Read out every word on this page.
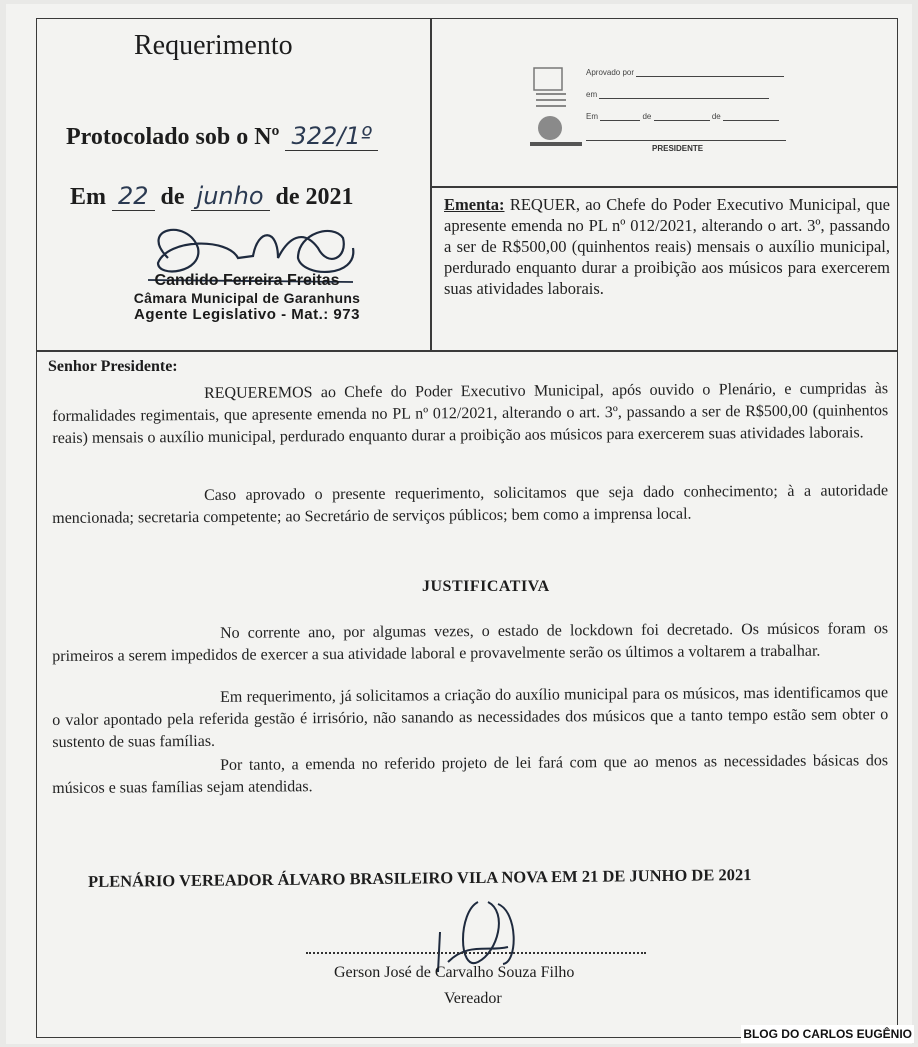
Requerimento
Protocolado sob o Nº 322/1º
Em 22 de junho de 2021
Candido Ferreira Freitas
Câmara Municipal de Garanhuns
Agente Legislativo - Mat.: 973
Aprovado por
em
Em	de	de
PRESIDENTE
Ementa: REQUER, ao Chefe do Poder Executivo Municipal, que apresente emenda no PL nº 012/2021, alterando o art. 3º, passando a ser de R$500,00 (quinhentos reais) mensais o auxílio municipal, perdurado enquanto durar a proibição aos músicos para exercerem suas atividades laborais.
Senhor Presidente:

REQUEREMOS ao Chefe do Poder Executivo Municipal, após ouvido o Plenário, e cumpridas às formalidades regimentais, que apresente emenda no PL nº 012/2021, alterando o art. 3º, passando a ser de R$500,00 (quinhentos reais) mensais o auxílio municipal, perdurado enquanto durar a proibição aos músicos para exercerem suas atividades laborais.

Caso aprovado o presente requerimento, solicitamos que seja dado conhecimento; à a autoridade mencionada; secretaria competente; ao Secretário de serviços públicos; bem como a imprensa local.

JUSTIFICATIVA

No corrente ano, por algumas vezes, o estado de lockdown foi decretado. Os músicos foram os primeiros a serem impedidos de exercer a sua atividade laboral e provavelmente serão os últimos a voltarem a trabalhar.

Em requerimento, já solicitamos a criação do auxílio municipal para os músicos, mas identificamos que o valor apontado pela referida gestão é irrisório, não sanando as necessidades dos músicos que a tanto tempo estão sem obter o sustento de suas famílias.

Por tanto, a emenda no referido projeto de lei fará com que ao menos as necessidades básicas dos músicos e suas famílias sejam atendidas.

PLENÁRIO VEREADOR ÁLVARO BRASILEIRO VILA NOVA EM 21 DE JUNHO DE 2021
Gerson José de Carvalho Souza Filho
Vereador
BLOG DO CARLOS EUGÊNIO
